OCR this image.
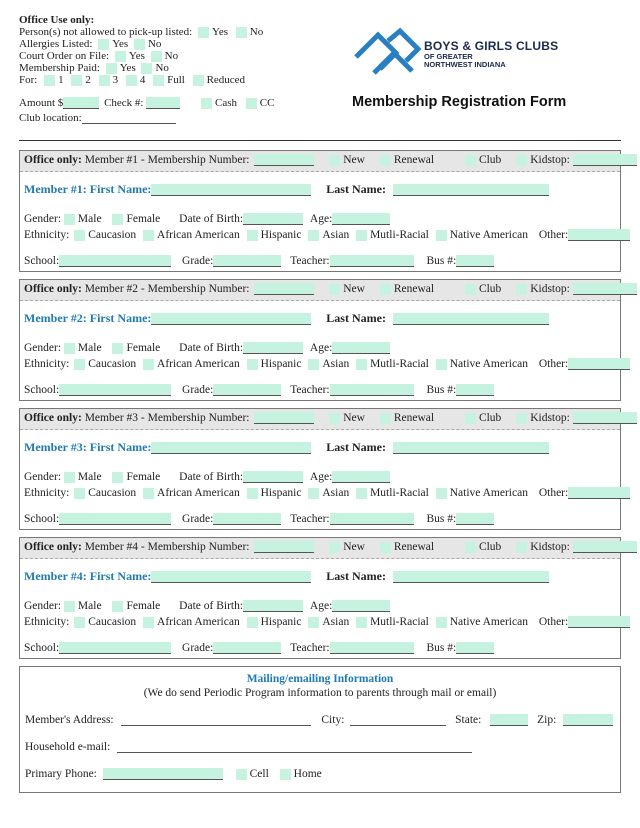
Office Use only:
Person(s) not allowed to pick-up listed: Yes No
Allergies Listed: Yes No
Court Order on File: Yes No
Membership Paid: Yes No
For: 1 2 3 4 Full Reduced
Amount $	Check #:	Cash CC
Club location:
BOYS & GIRLS CLUBS
OF GREATER
NORTHWEST INDIANA
Membership Registration Form
Office only: Member #1 - Membership Number:	New	Renewal	Club	Kidstop:
Member #1: First Name:	Last Name:
Gender: Male Female Date of Birth:	Age:
Ethnicity: Caucasion African American Hispanic Asian Mutli-Racial Native American Other:
School:	Grade:	Teacher:	Bus #:
Office only: Member #2 - Membership Number:	New	Renewal	Club	Kidstop:
Member #2: First Name:	Last Name:
Gender: Male Female Date of Birth:	Age:
Ethnicity: Caucasion African American Hispanic Asian Mutli-Racial Native American Other:
School:	Grade:	Teacher:	Bus #:
Office only: Member #3 - Membership Number:	New	Renewal	Club	Kidstop:
Member #3: First Name:	Last Name:
Gender: Male Female Date of Birth:	Age:
Ethnicity: Caucasion African American Hispanic Asian Mutli-Racial Native American Other:
School:	Grade:	Teacher:	Bus #:
Office only: Member #4 - Membership Number:	New	Renewal	Club	Kidstop:
Member #4: First Name:	Last Name:
Gender: Male Female Date of Birth:	Age:
Ethnicity: Caucasion African American Hispanic Asian Mutli-Racial Native American Other:
School:	Grade:	Teacher:	Bus #:
Mailing/emailing Information
(We do send Periodic Program information to parents through mail or email)
Member's Address:	City:	State:	Zip:
Household e-mail:
Primary Phone:	Cell Home
